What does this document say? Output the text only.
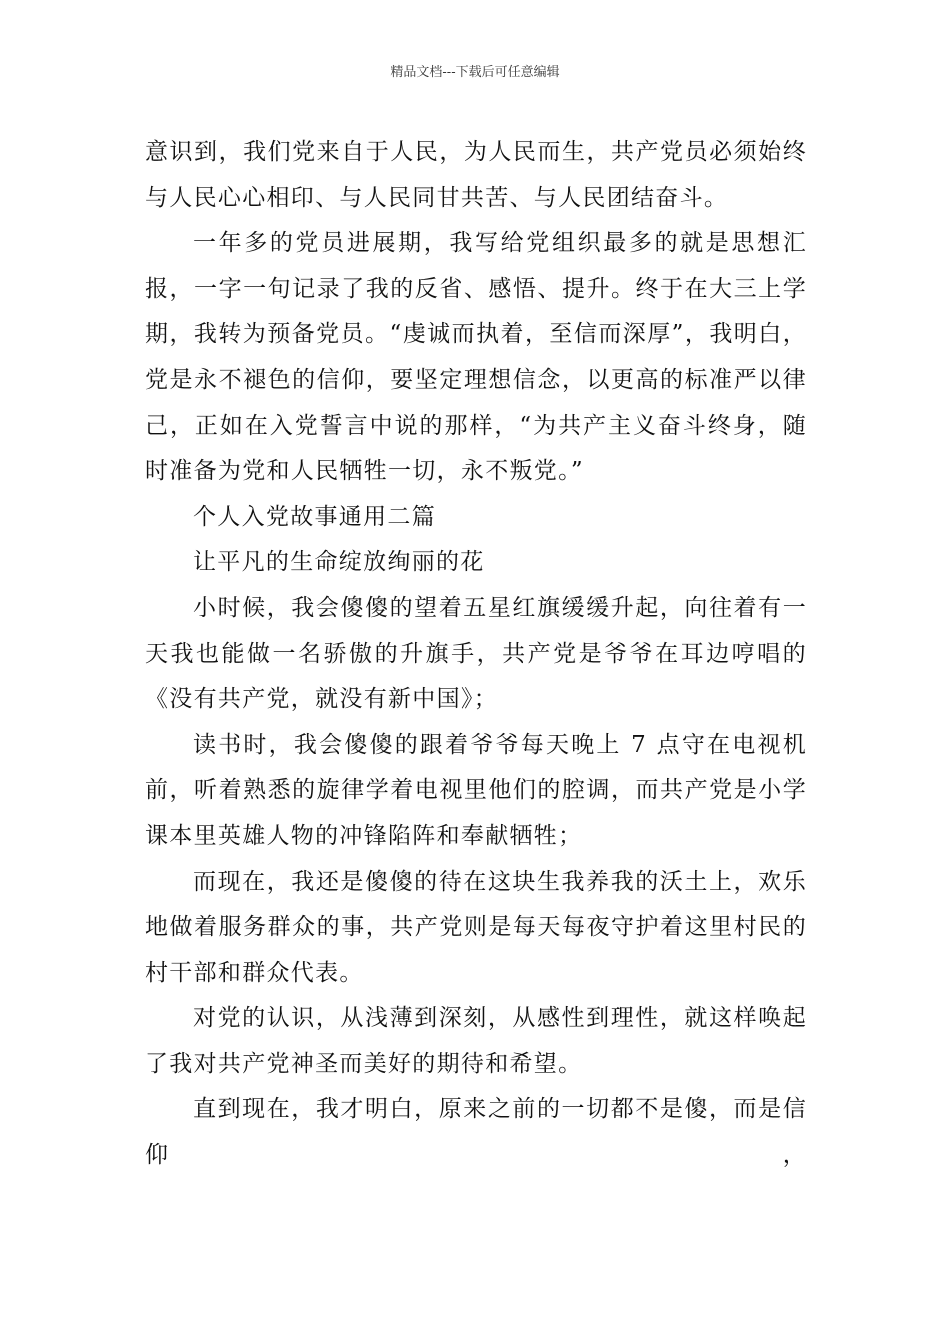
精品文档---下载后可任意编辑

意识到，我们党来自于人民，为人民而生，共产党员必须始终与人民心心相印、与人民同甘共苦、与人民团结奋斗。

一年多的党员进展期，我写给党组织最多的就是思想汇报，一字一句记录了我的反省、感悟、提升。终于在大三上学期，我转为预备党员。“虔诚而执着，至信而深厚”，我明白，党是永不褪色的信仰，要坚定理想信念，以更高的标准严以律己，正如在入党誓言中说的那样，“为共产主义奋斗终身，随时准备为党和人民牺牲一切，永不叛党。”

个人入党故事通用二篇

让平凡的生命绽放绚丽的花

小时候，我会傻傻的望着五星红旗缓缓升起，向往着有一天我也能做一名骄傲的升旗手，共产党是爷爷在耳边哼唱的《没有共产党，就没有新中国》；

读书时，我会傻傻的跟着爷爷每天晚上 7 点守在电视机前，听着熟悉的旋律学着电视里他们的腔调，而共产党是小学课本里英雄人物的冲锋陷阵和奉献牺牲；

而现在，我还是傻傻的待在这块生我养我的沃土上，欢乐地做着服务群众的事，共产党则是每天每夜守护着这里村民的村干部和群众代表。

对党的认识，从浅薄到深刻，从感性到理性，就这样唤起了我对共产党神圣而美好的期待和希望。

直到现在，我才明白，原来之前的一切都不是傻，而是信仰，
